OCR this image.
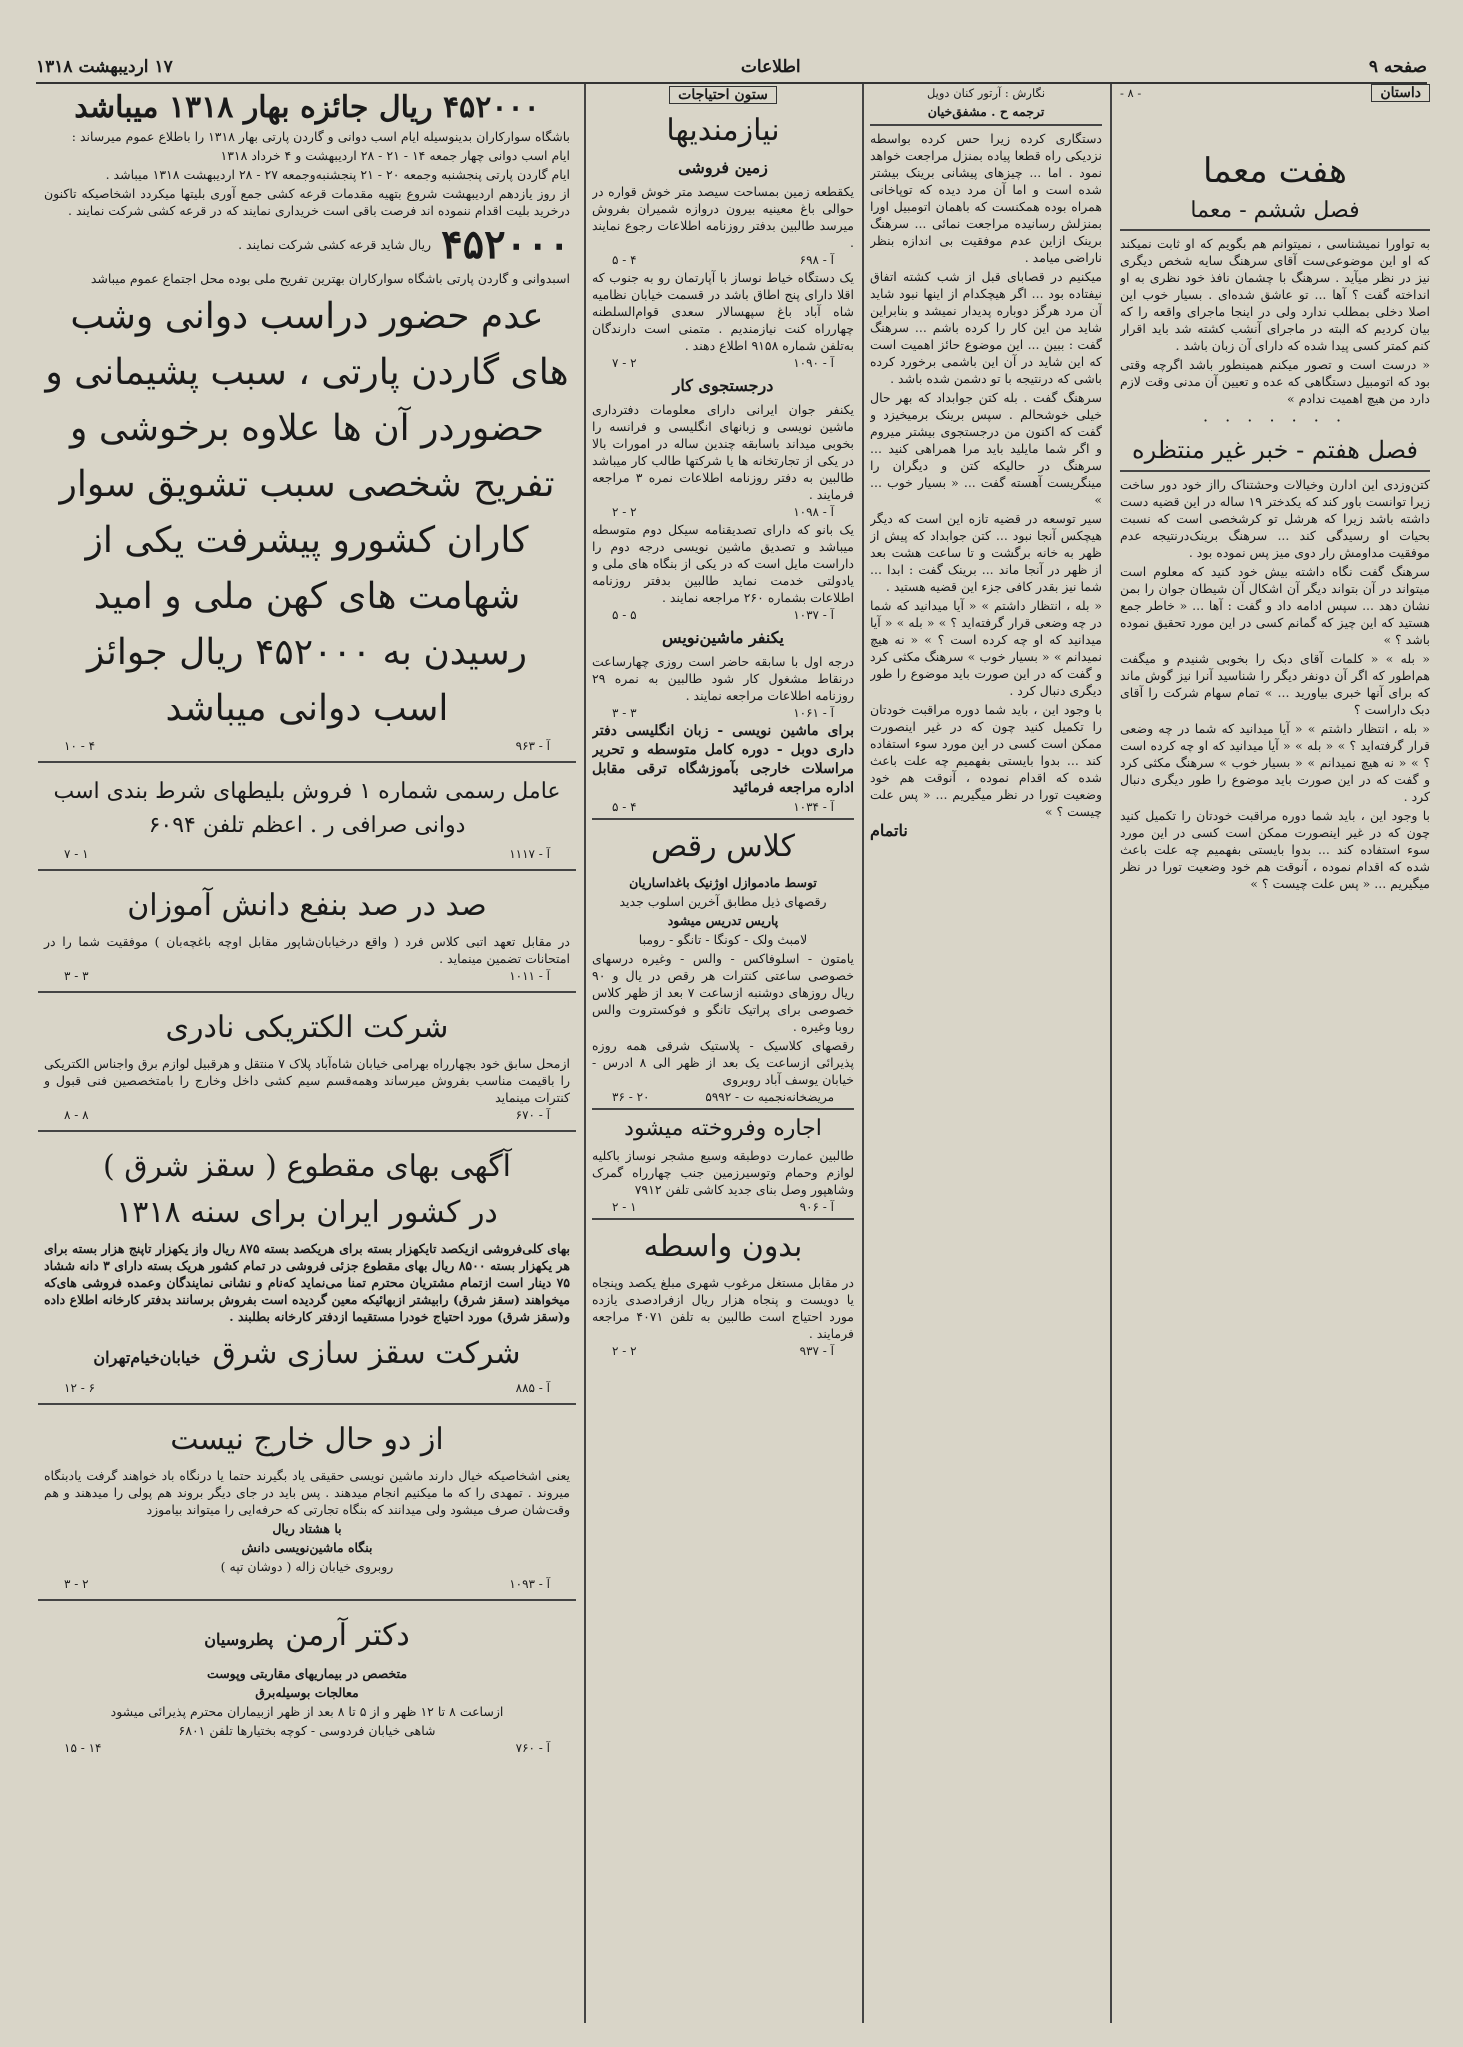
صفحه ۹
اطلاعات
۱۷ اردیبهشت ۱۳۱۸
داستان
- ۸ -
هفت معما
فصل ششم - معما

به تواورا نمیشناسی ، نمیتوانم هم بگویم که او ثابت نمیکند که او این موضوعی‌ست آقای سرهنگ سایه شخص دیگری نیز در نظر میآید . سرهنگ با چشمان نافذ خود نظری به او انداخته گفت ؟ آها ... تو عاشق شده‌ای . بسیار خوب این اصلا دخلی بمطلب ندارد ولی در اینجا ماجرای واقعه را که بیان کردیم که البته در ماجرای آنشب کشته شد باید اقرار کنم کمتر کسی پیدا شده که دارای آن زبان باشد .

« درست است و تصور میکنم همینطور باشد اگرچه وقتی بود که اتومبیل دستگاهی که عده و تعیین آن مدنی وقت لازم دارد من هیچ اهمیت ندادم »

· · · · · · ·
فصل هفتم - خبر غیر منتظره

کتن‌وزدی این ادارن وخیالات وحشتناک رااز خود دور ساخت زیرا توانست باور کند که یکدختر ۱۹ ساله در این قضیه دست داشته باشد زیرا که هرشل تو کرشخصی است که نسبت بحیات او رسیدگی کند ... سرهنگ برینک‌درنتیجه عدم موفقیت مداومش رار دوی میز پس نموده بود .

سرهنگ گفت نگاه داشته بیش خود کنید که معلوم است میتواند در آن بتواند دیگر آن اشکال آن شیطان جوان را بمن نشان دهد ... سپس ادامه داد و گفت : آها ... « خاطر جمع هستید که این چیز که گمانم کسی در این مورد تحقیق نموده باشد ؟ »

« بله » « کلمات آقای دبک را بخوبی شنیدم و میگفت هم‌اطور که اگر آن دونفر دیگر را شناسید آنرا نیز گوش ماند که برای آنها خبری بیاورید ... » تمام سهام شرکت را آقای دبک داراست ؟

« بله ، انتظار داشتم » « آیا میدانید که شما در چه وضعی قرار گرفته‌اید ؟ » « بله » « آیا میدانید که او چه کرده است ؟ » « نه هیچ نمیدانم » « بسیار خوب » سرهنگ مکثی کرد و گفت که در این صورت باید موضوع را طور دیگری دنبال کرد .

با وجود این ، باید شما دوره مراقبت خودتان را تکمیل کنید چون که در غیر اینصورت ممکن است کسی در این مورد سوء استفاده کند ... بدوا بایستی بفهمیم چه علت باعث شده که اقدام نموده ، آنوقت هم خود وضعیت تورا در نظر میگیریم ... « پس علت چیست ؟ »

نگارش : آرتور کنان دویل

ترجمه ح . مشفق‌خیان

دستگاری کرده زیرا حس کرده بواسطه نزدیکی راه قطعا پیاده بمنزل مراجعت خواهد نمود . اما ... چیزهای پیشانی برینک بیشتر شده است و اما آن مرد دیده که توپاخانی همراه بوده همکنست که باهمان اتومبیل اورا بمنزلش رسانیده مراجعت نمائی ... سرهنگ برینک ازاین عدم موفقیت بی اندازه بنظر ناراضی میامد .

میکنیم در قصابای قبل از شب کشته اتفاق نیفتاده بود ... اگر هیچکدام از اینها نبود شاید آن مرد هرگز دوباره پدیدار نمیشد و بنابراین شاید من این کار را کرده باشم ... سرهنگ گفت : ببین ... این موضوع حائز اهمیت است که این شاید در آن این باشمی برخورد کرده باشی که درنتیجه با تو دشمن شده باشد .

سرهنگ گفت . بله کتن جوابداد که بهر حال خیلی خوشحالم . سپس برینک برمیخیزد و گفت که اکنون من درجستجوی بیشتر میروم و اگر شما مایلید باید مرا همراهی کنید ... سرهنگ در حالیکه کتن و دیگران را مینگریست آهسته گفت ... « بسیار خوب ... »

سیر توسعه در قضیه تازه این است که دیگر هیچکس آنجا نبود ... کتن جوابداد که پیش از ظهر به خانه برگشت و تا ساعت هشت بعد از ظهر در آنجا ماند ... برینک گفت : ابدا ... شما نیز بقدر کافی جزء این قضیه هستید .

« بله ، انتظار داشتم » « آیا میدانید که شما در چه وضعی قرار گرفته‌اید ؟ » « بله » « آیا میدانید که او چه کرده است ؟ » « نه هیچ نمیدانم » « بسیار خوب » سرهنگ مکثی کرد و گفت که در این صورت باید موضوع را طور دیگری دنبال کرد .

با وجود این ، باید شما دوره مراقبت خودتان را تکمیل کنید چون که در غیر اینصورت ممکن است کسی در این مورد سوء استفاده کند ... بدوا بایستی بفهمیم چه علت باعث شده که اقدام نموده ، آنوقت هم خود وضعیت تورا در نظر میگیریم ... « پس علت چیست ؟ »

ناتمام

ستون احتیاجات
نیازمندیها
زمین فروشی

یکقطعه زمین بمساحت سیصد متر خوش قواره در حوالی باغ معینیه بیرون دروازه شمیران بفروش میرسد طالبین بدفتر روزنامه اطلاعات رجوع نمایند .

آ - ۶۹۸
۴ - ۵

یک دستگاه خیاط نوساز با آپارتمان رو به جنوب که اقلا دارای پنج اطاق باشد در قسمت خیابان نظامیه شاه آباد باغ سپهسالار سعدی قوام‌السلطنه چهارراه کنت نیازمندیم . متمنی است دارندگان به‌تلفن شماره ۹۱۵۸ اطلاع دهند .

آ - ۱۰۹۰
۲ - ۷
درجستجوی کار

یکنفر جوان ایرانی دارای معلومات دفترداری ماشین نویسی و زبانهای انگلیسی و فرانسه را بخوبی میداند باسابقه چندین ساله در امورات بالا در یکی از تجارتخانه ها یا شرکتها طالب کار میباشد طالبین به دفتر روزنامه اطلاعات نمره ۳ مراجعه فرمایند .

آ - ۱۰۹۸
۲ - ۲

یک بانو که دارای تصدیقنامه سیکل دوم متوسطه میباشد و تصدیق ماشین نویسی درجه دوم را داراست مایل است که در یکی از بنگاه های ملی و یادولتی خدمت نماید طالبین بدفتر روزنامه اطلاعات بشماره ۲۶۰ مراجعه نمایند .

آ - ۱۰۳۷
۵ - ۵
یکنفر ماشین‌نویس

درجه اول با سابقه حاضر است روزی چهارساعت درنقاط مشغول کار شود طالبین به نمره ۲۹ روزنامه اطلاعات مراجعه نمایند .

آ - ۱۰۶۱
۳ - ۳

برای ماشین نویسی - زبان انگلیسی دفتر داری دوبل - دوره کامل متوسطه و تحریر مراسلات خارجی بآموزشگاه ترقی مقابل اداره مراجعه فرمائید

آ - ۱۰۳۴
۴ - ۵
کلاس رقص

توسط مادموازل اوژنیک باغداساریان

رقصهای ذیل مطابق آخرین اسلوب جدید

پاریس تدریس میشود

لامبث ولک - کونگا - تانگو - رومبا

یامتون - اسلوفاکس - والس - وغیره درسهای خصوصی ساعتی کنترات هر رقص در یال و ۹۰ ریال روزهای دوشنبه ازساعت ۷ بعد از ظهر کلاس خصوصی برای پراتیک تانگو و فوکستروت والس روبا وغیره .

رقصهای کلاسیک - پلاستیک شرقی همه روزه پذیرائی ازساعت یک بعد از ظهر الی ۸ ادرس - خیابان یوسف آباد روبروی

مریضخانه‌نجمیه ت - ۵۹۹۲
۲۰ - ۳۶
اجاره وفروخته میشود

طالبین عمارت دوطبقه وسیع مشجر نوساز باکلیه لوازم وحمام وتوسیرزمین جنب چهارراه گمرک وشاهپور وصل بنای جدید کاشی تلفن ۷۹۱۲

آ - ۹۰۶
۱ - ۲
بدون واسطه

در مقابل مستغل مرغوب شهری مبلغ یکصد وپنجاه یا دویست و پنجاه هزار ریال ازفرادصدی یازده مورد احتیاج است طالبین به تلفن ۴۰۷۱ مراجعه فرمایند .

آ - ۹۳۷
۲ - ۲
۴۵۲۰۰۰ ریال جائزه بهار ۱۳۱۸ میباشد

باشگاه سوارکاران بدینوسیله ایام اسب دوانی و گاردن پارتی بهار ۱۳۱۸ را باطلاع عموم میرساند :

ایام اسب دوانی چهار جمعه ۱۴ - ۲۱ - ۲۸ اردیبهشت و ۴ خرداد ۱۳۱۸

ایام گاردن پارتی پنجشنبه وجمعه ۲۰ - ۲۱ پنجشنبه‌وجمعه ۲۷ - ۲۸ اردیبهشت ۱۳۱۸ میباشد .

از روز یازدهم اردیبهشت شروع بتهیه مقدمات قرعه کشی جمع آوری بلیتها میکردد اشخاصیکه تاکنون درخرید بلیت اقدام ننموده اند فرصت باقی است خریداری نمایند که در قرعه کشی شرکت نمایند .

۴۵۲۰۰۰

ریال شاید قرعه کشی شرکت نمایند .

اسبدوانی و گاردن پارتی باشگاه سوارکاران بهترین تفریح ملی بوده محل اجتماع عموم میباشد

عدم حضور دراسب دوانی وشب های گاردن پارتی ، سبب پشیمانی و حضوردر آن ها علاوه برخوشی و تفریح شخصی سبب تشویق سوار کاران کشورو پیشرفت یکی از شهامت های کهن ملی و امید رسیدن به ۴۵۲۰۰۰ ریال جوائز اسب دوانی میباشد
آ - ۹۶۳
۴ - ۱۰
عامل رسمی شماره ۱ فروش بلیطهای شرط بندی اسب دوانی صرافی ر . اعظم تلفن ۶۰۹۴
آ - ۱۱۱۷
۱ - ۷
صد در صد بنفع دانش آموزان

در مقابل تعهد اتبی کلاس فرد ( واقع درخیابان‌شاپور مقابل اوچه باغچه‌بان ) موفقیت شما را در امتحانات تضمین مینماید .

آ - ۱۰۱۱
۳ - ۳
شرکت الکتریکی نادری

ازمحل سابق خود بچهارراه بهرامی خیابان شاه‌آباد پلاک ۷ منتقل و هرقبیل لوازم برق واجناس الکتریکی را باقیمت مناسب بفروش میرساند وهمه‌قسم سیم کشی داخل وخارج را بامتخصصین فنی قبول و کنترات مینماید

آ - ۶۷۰
۸ - ۸
آگهی بهای مقطوع ( سقز شرق )
در کشور ایران برای سنه ۱۳۱۸

بهای کلی‌فروشی ازیکصد تایکهزار بسته برای هریکصد بسته ۸۷۵ ریال واز یکهزار تاپنج هزار بسته برای هر یکهزار بسته ۸۵۰۰ ریال بهای مقطوع جزئی فروشی در تمام کشور هریک بسته دارای ۳ دانه ششاد ۷۵ دینار است ازتمام مشتریان محترم تمنا می‌نماید که‌نام و نشانی نمایندگان وعمده فروشی های‌که میخواهند (سقز شرق) رابیشتر ازبهائیکه معین گردیده است بفروش برسانند بدفتر کارخانه اطلاع داده و(سقز شرق) مورد احتیاج خودرا مستقیما ازدفتر کارخانه بطلبند .

شرکت سقز سازی شرق
خیابان‌خیام‌تهران
آ - ۸۸۵
۶ - ۱۲
از دو حال خارج نیست

یعنی اشخاصیکه خیال دارند ماشین نویسی حقیقی یاد بگیرند حتما یا درنگاه باد خواهند گرفت یادبنگاه میروند . تمهدی را که ما میکنیم انجام میدهند . پس باید در جای دیگر بروند هم پولی را میدهند و هم وقت‌شان صرف میشود ولی میدانند که بنگاه تجارتی که حرفه‌ایی را میتواند بیاموزد

با هشتاد ریال

بنگاه ماشین‌نویسی دانش

روبروی خیابان زاله ( دوشان تپه )

آ - ۱۰۹۳
۲ - ۳
دکتر آرمن
پطروسیان

متخصص در بیماریهای مقاربتی وپوست

معالجات بوسیله‌برق

ازساعت ۸ تا ۱۲ ظهر و از ۵ تا ۸ بعد از ظهر ازبیماران محترم پذیرائی میشود

شاهی خیابان فردوسی - کوچه بختیارها تلفن ۶۸۰۱

آ - ۷۶۰
۱۴ - ۱۵
